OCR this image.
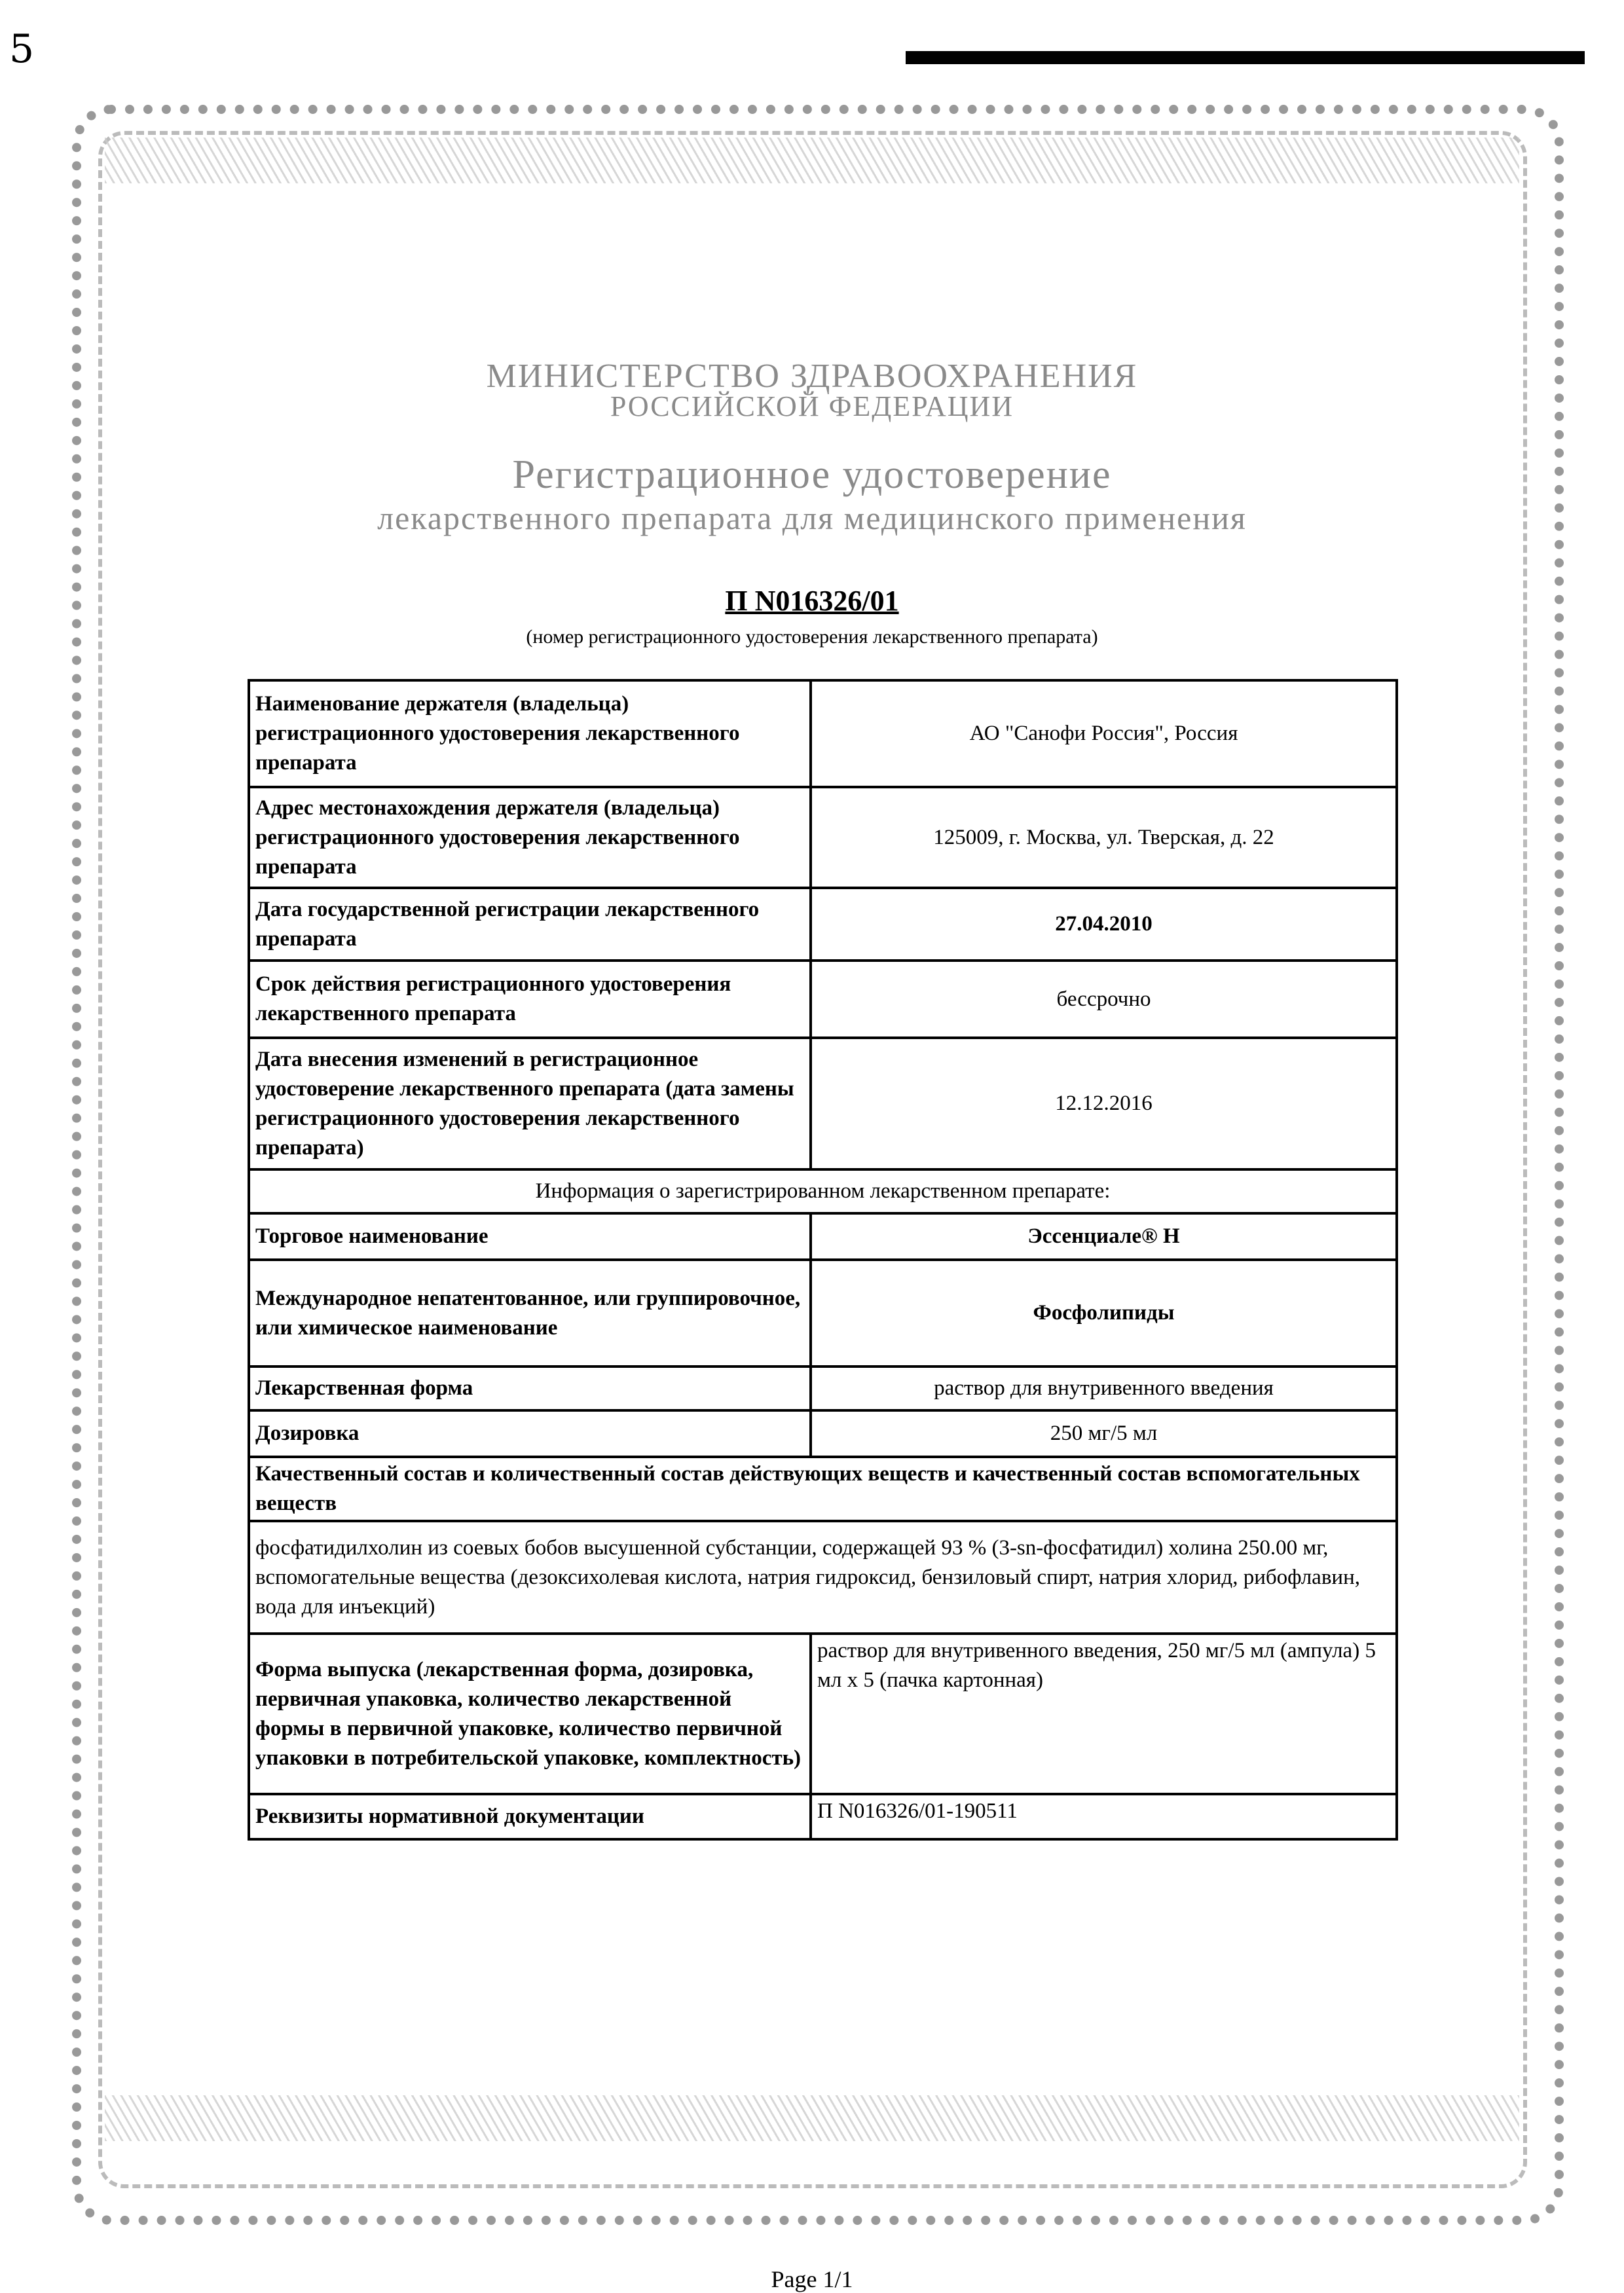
5
МИНИСТЕРСТВО ЗДРАВООХРАНЕНИЯ
РОССИЙСКОЙ ФЕДЕРАЦИИ
Регистрационное удостоверение
лекарственного препарата для медицинского применения
П N016326/01
(номер регистрационного удостоверения лекарственного препарата)
Наименование держателя (владельца) регистрационного удостоверения лекарственного препарата	АО "Санофи Россия", Россия
Адрес местонахождения держателя (владельца) регистрационного удостоверения лекарственного препарата	125009, г. Москва, ул. Тверская, д. 22
Дата государственной регистрации лекарственного препарата	27.04.2010
Срок действия регистрационного удостоверения лекарственного препарата	бессрочно
Дата внесения изменений в регистрационное удостоверение лекарственного препарата (дата замены регистрационного удостоверения лекарственного препарата)	12.12.2016
Информация о зарегистрированном лекарственном препарате:	
Торговое наименование	Эссенциале® Н
Международное непатентованное, или группировочное, или химическое наименование	Фосфолипиды
Лекарственная форма	раствор для внутривенного введения
Дозировка	250 мг/5 мл
Качественный состав и количественный состав действующих веществ и качественный состав вспомогательных веществ	
фосфатидилхолин из соевых бобов высушенной субстанции, содержащей 93 % (3-sn-фосфатидил) холина 250.00 мг, вспомогательные вещества (дезоксихолевая кислота, натрия гидроксид, бензиловый спирт, натрия хлорид, рибофлавин, вода для инъекций)	
Форма выпуска (лекарственная форма, дозировка, первичная упаковка, количество лекарственной формы в первичной упаковке, количество первичной упаковки в потребительской упаковке, комплектность)	раствор для внутривенного введения, 250 мг/5 мл (ампула) 5 мл х 5 (пачка картонная)
Реквизиты нормативной документации	П N016326/01-190511
Page 1/1
